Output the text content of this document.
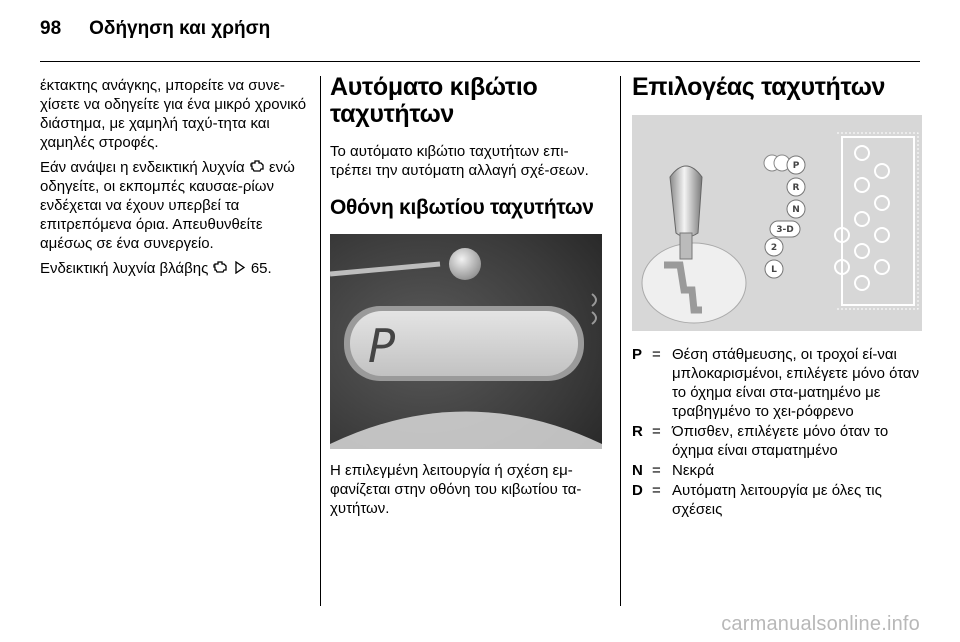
98 Οδήγηση και χρήση

έκτακτης ανάγκης, μπορείτε να συνε-χίσετε να οδηγείτε για ένα μικρό χρονικό διάστημα, με χαμηλή ταχύ-τητα και χαμηλές στροφές.

Εάν ανάψει η ενδεικτική λυχνία ενώ οδηγείτε, οι εκπομπές καυσαε-ρίων ενδέχεται να έχουν υπερβεί τα επιτρεπόμενα όρια. Απευθυνθείτε αμέσως σε ένα συνεργείο.

Ενδεικτική λυχνία βλάβης	65.

Αυτόματο κιβώτιο ταχυτήτων

Το αυτόματο κιβώτιο ταχυτήτων επι-τρέπει την αυτόματη αλλαγή σχέ-σεων.

Οθόνη κιβωτίου ταχυτήτων
P

Η επιλεγμένη λειτουργία ή σχέση εμ-φανίζεται στην οθόνη του κιβωτίου τα-χυτήτων.

Επιλογέας ταχυτήτων
P
R
N
3-D
2
L
P = Θέση στάθμευσης, οι τροχοί εί-ναι μπλοκαρισμένοι, επιλέγετε μόνο όταν το όχημα είναι στα-ματημένο με τραβηγμένο το χει-ρόφρενο
R = Όπισθεν, επιλέγετε μόνο όταν το όχημα είναι σταματημένο
N = Νεκρά
D = Αυτόματη λειτουργία με όλες τις σχέσεις
carmanualsonline.info
